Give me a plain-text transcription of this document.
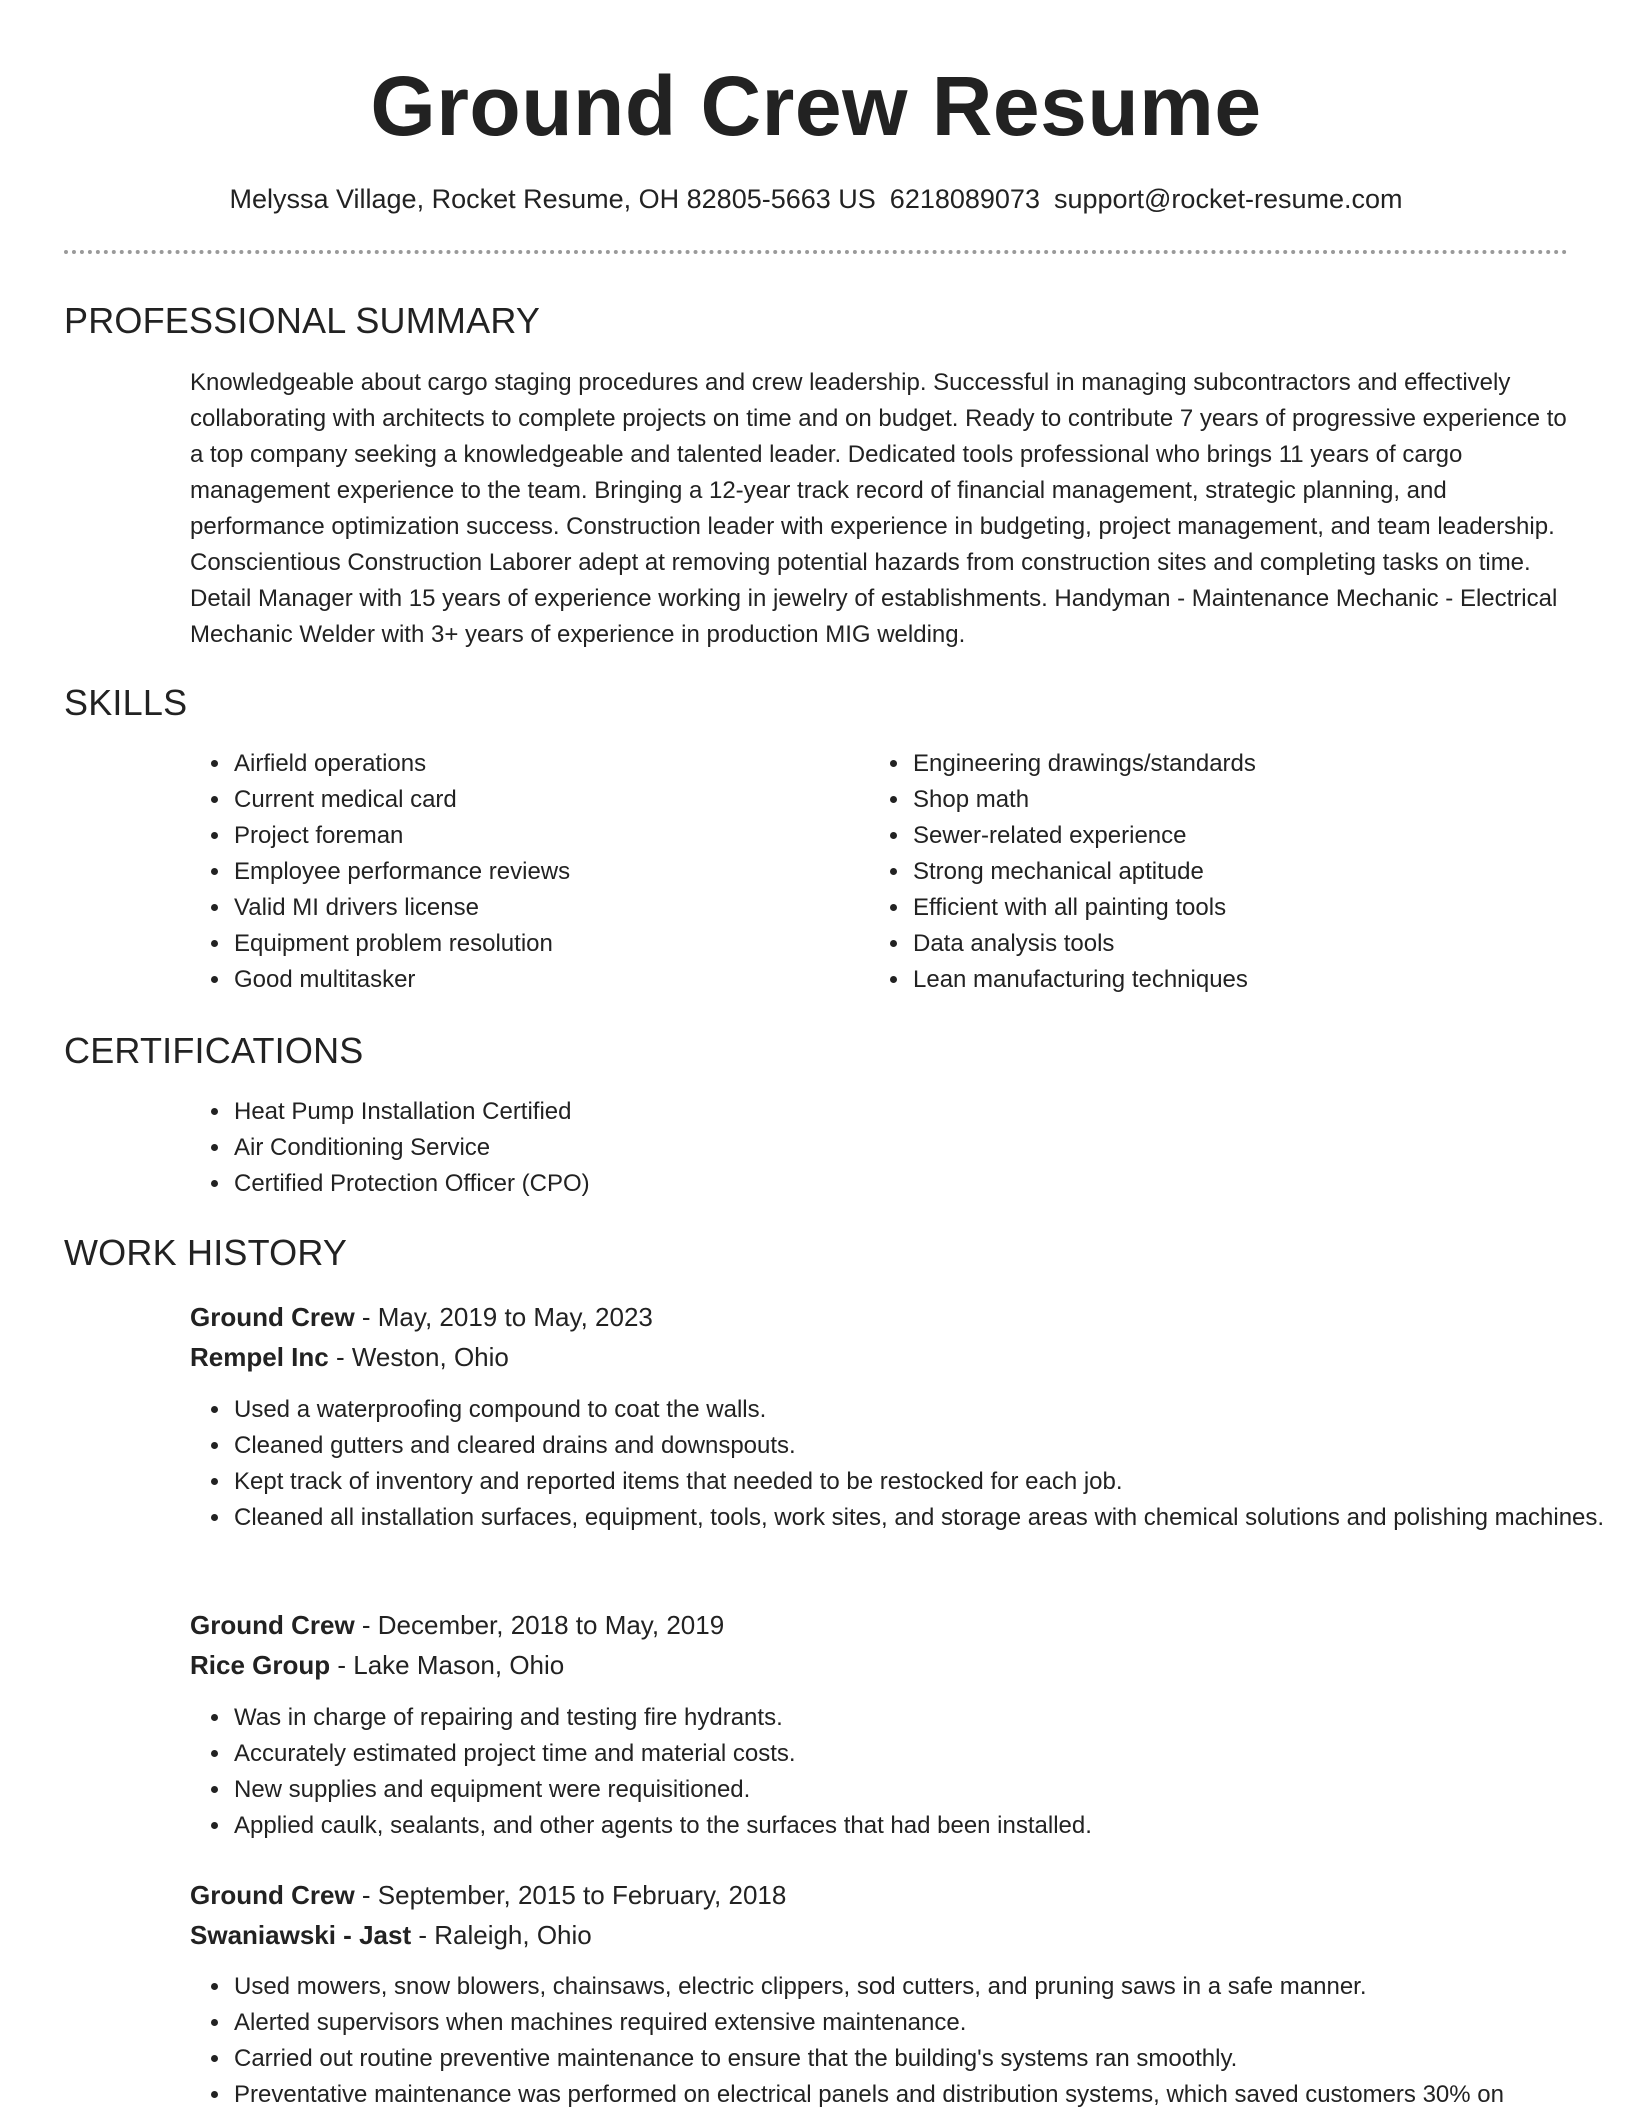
Ground Crew Resume
Melyssa Village, Rocket Resume, OH 82805-5663 US 6218089073 support@rocket-resume.com
PROFESSIONAL SUMMARY

Knowledgeable about cargo staging procedures and crew leadership. Successful in managing subcontractors and effectively collaborating with architects to complete projects on time and on budget. Ready to contribute 7 years of progressive experience to a top company seeking a knowledgeable and talented leader. Dedicated tools professional who brings 11 years of cargo management experience to the team. Bringing a 12-year track record of financial management, strategic planning, and performance optimization success. Construction leader with experience in budgeting, project management, and team leadership. Conscientious Construction Laborer adept at removing potential hazards from construction sites and completing tasks on time. Detail Manager with 15 years of experience working in jewelry of establishments. Handyman - Maintenance Mechanic - Electrical Mechanic Welder with 3+ years of experience in production MIG welding.

SKILLS
• Airfield operations
• Current medical card
• Project foreman
• Employee performance reviews
• Valid MI drivers license
• Equipment problem resolution
• Good multitasker
• Engineering drawings/standards
• Shop math
• Sewer-related experience
• Strong mechanical aptitude
• Efficient with all painting tools
• Data analysis tools
• Lean manufacturing techniques
CERTIFICATIONS
• Heat Pump Installation Certified
• Air Conditioning Service
• Certified Protection Officer (CPO)
WORK HISTORY
Ground Crew - May, 2019 to May, 2023
Rempel Inc - Weston, Ohio
• Used a waterproofing compound to coat the walls.
• Cleaned gutters and cleared drains and downspouts.
• Kept track of inventory and reported items that needed to be restocked for each job.
• Cleaned all installation surfaces, equipment, tools, work sites, and storage areas with chemical solutions and polishing machines.
Ground Crew - December, 2018 to May, 2019
Rice Group - Lake Mason, Ohio
• Was in charge of repairing and testing fire hydrants.
• Accurately estimated project time and material costs.
• New supplies and equipment were requisitioned.
• Applied caulk, sealants, and other agents to the surfaces that had been installed.
Ground Crew - September, 2015 to February, 2018
Swaniawski - Jast - Raleigh, Ohio
• Used mowers, snow blowers, chainsaws, electric clippers, sod cutters, and pruning saws in a safe manner.
• Alerted supervisors when machines required extensive maintenance.
• Carried out routine preventive maintenance to ensure that the building's systems ran smoothly.
• Preventative maintenance was performed on electrical panels and distribution systems, which saved customers 30% on
